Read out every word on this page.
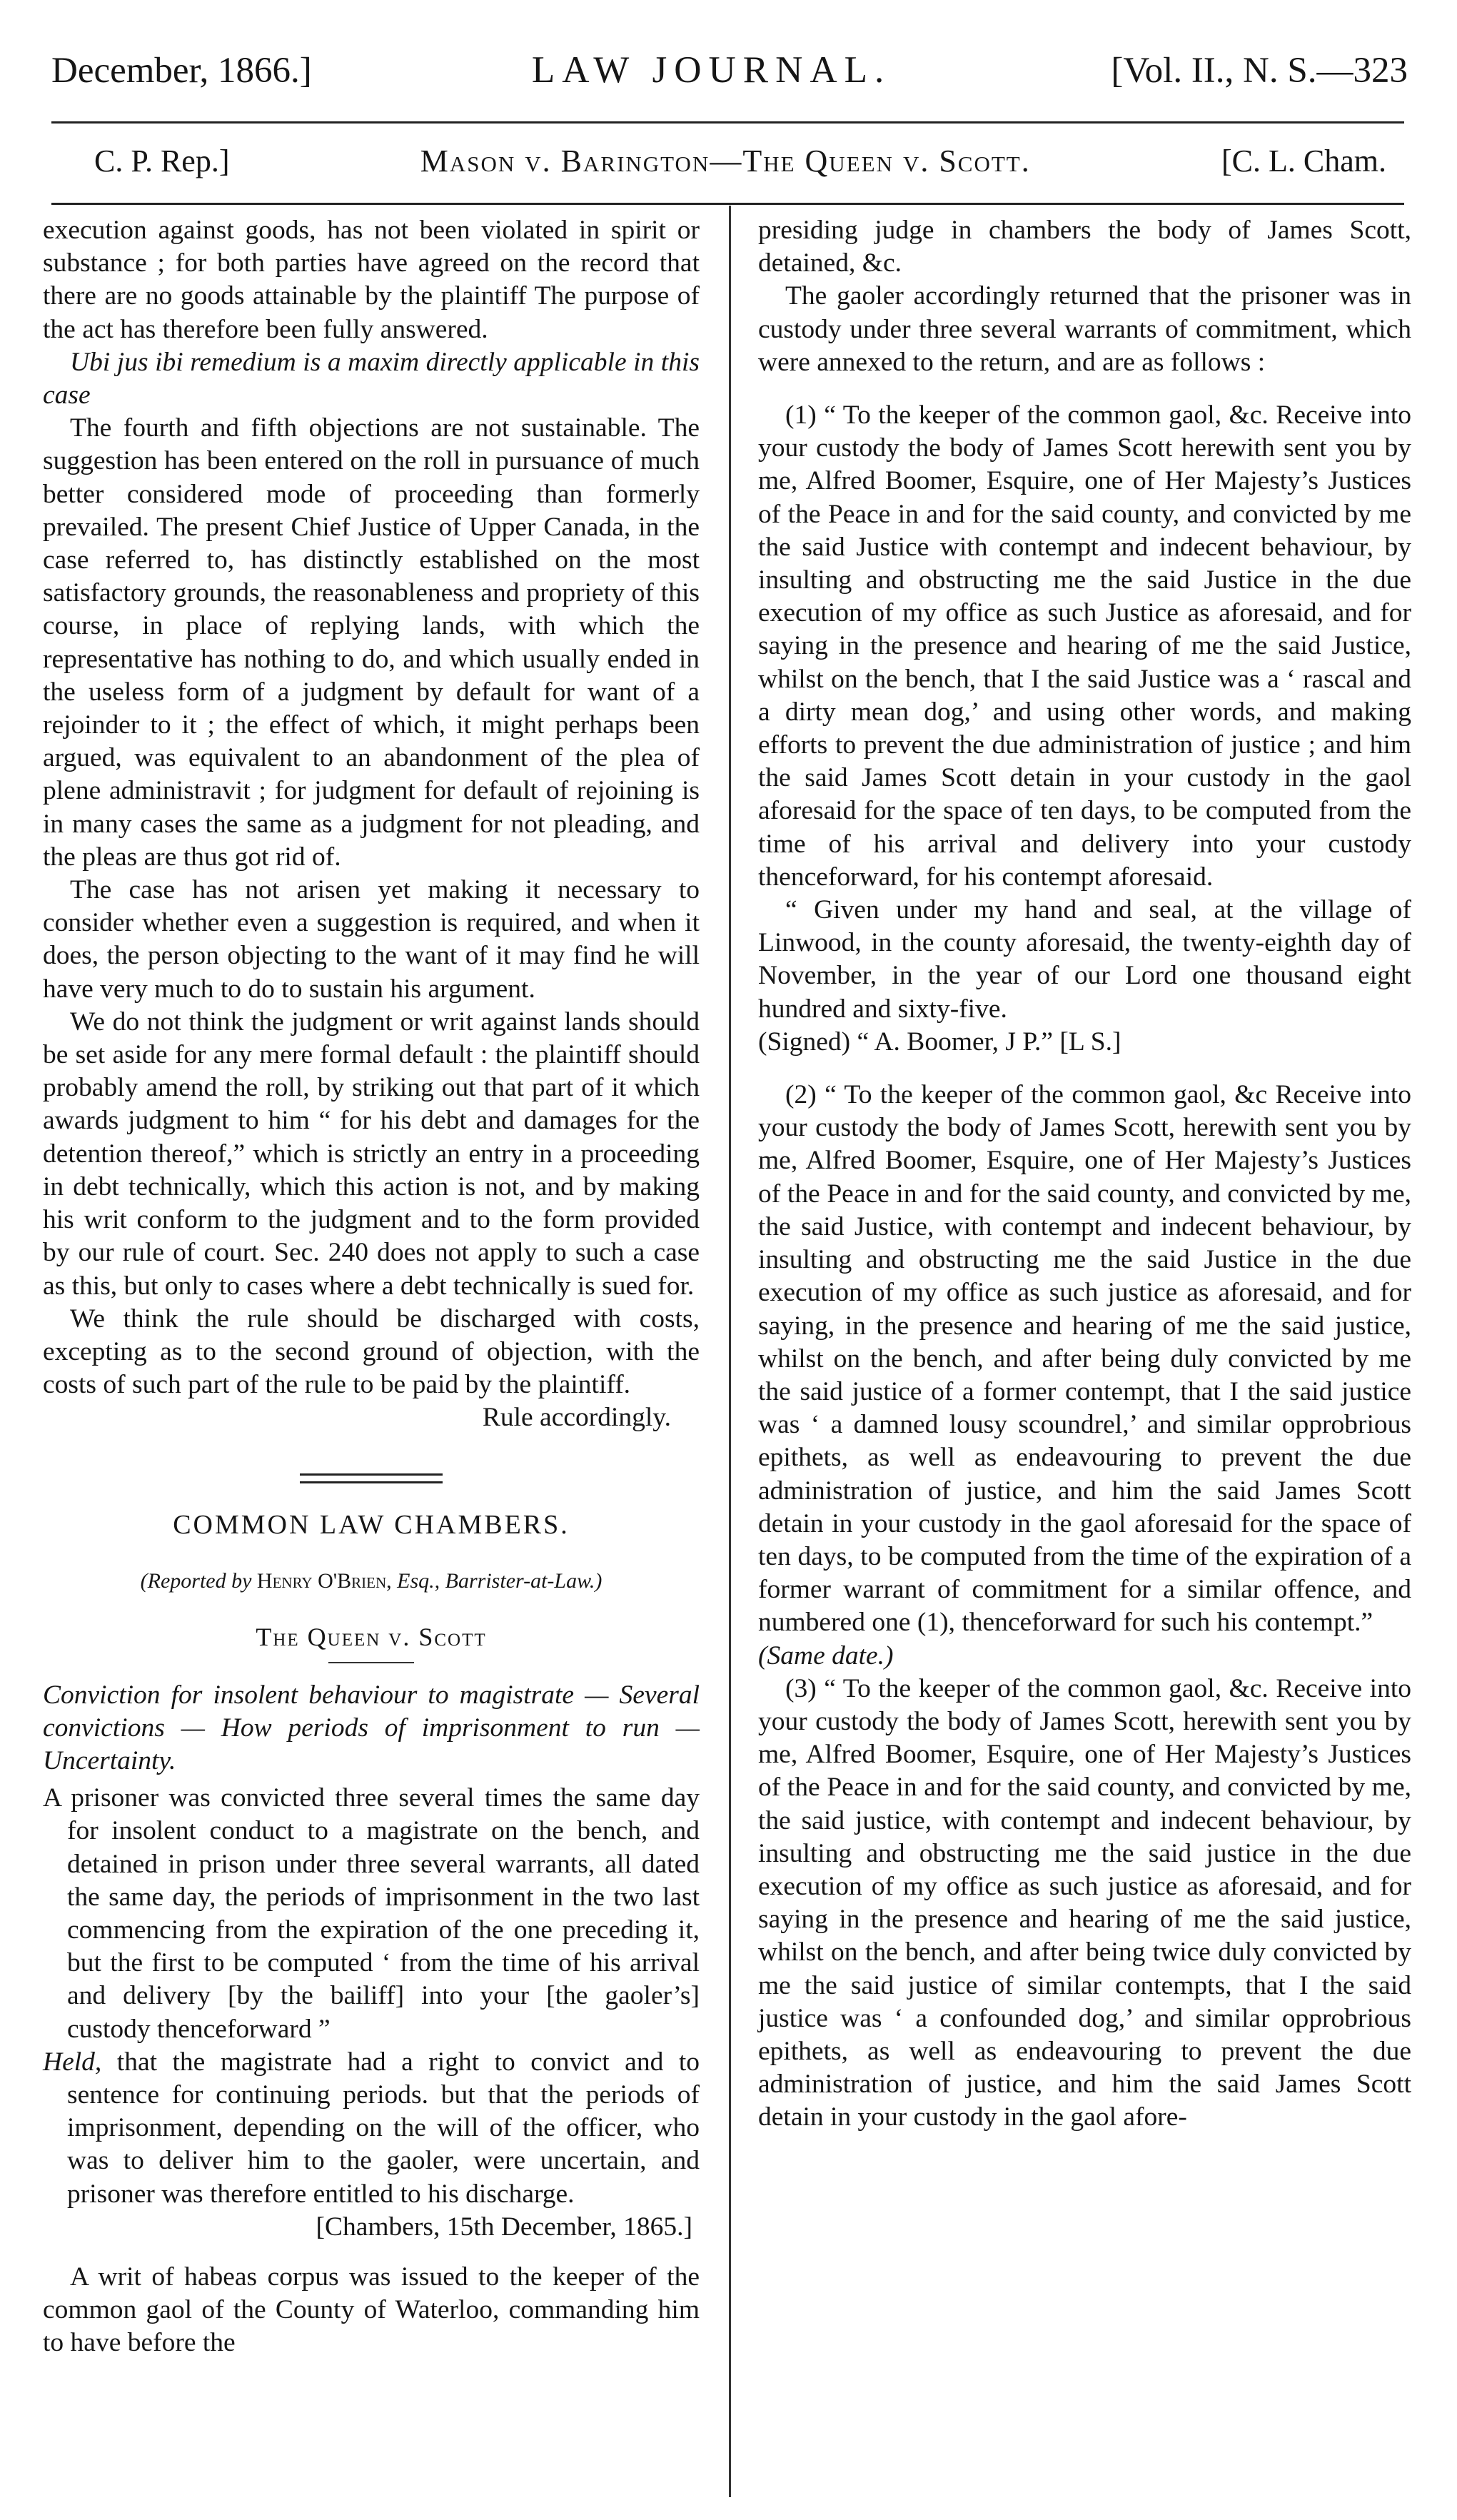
December, 1866.]	LAW JOURNAL.	[Vol. II., N. S.—323
C. P. Rep.]	Mason v. Barington—The Queen v. Scott.	[C. L. Cham.

execution against goods, has not been violated in spirit or substance ; for both parties have agreed on the record that there are no goods attainable by the plaintiff The purpose of the act has therefore been fully answered.

Ubi jus ibi remedium is a maxim directly applicable in this case

The fourth and fifth objections are not sustainable. The suggestion has been entered on the roll in pursuance of much better considered mode of proceeding than formerly prevailed. The present Chief Justice of Upper Canada, in the case referred to, has distinctly established on the most satisfactory grounds, the reasonableness and propriety of this course, in place of replying lands, with which the representative has nothing to do, and which usually ended in the useless form of a judgment by default for want of a rejoinder to it ; the effect of which, it might perhaps been argued, was equivalent to an abandonment of the plea of plene administravit ; for judgment for default of rejoining is in many cases the same as a judgment for not pleading, and the pleas are thus got rid of.

The case has not arisen yet making it necessary to consider whether even a suggestion is required, and when it does, the person objecting to the want of it may find he will have very much to do to sustain his argument.

We do not think the judgment or writ against lands should be set aside for any mere formal default : the plaintiff should probably amend the roll, by striking out that part of it which awards judgment to him “ for his debt and damages for the detention thereof,” which is strictly an entry in a proceeding in debt technically, which this action is not, and by making his writ conform to the judgment and to the form provided by our rule of court. Sec. 240 does not apply to such a case as this, but only to cases where a debt technically is sued for.

We think the rule should be discharged with costs, excepting as to the second ground of objection, with the costs of such part of the rule to be paid by the plaintiff.

Rule accordingly.

COMMON LAW CHAMBERS.
(Reported by Henry O'Brien, Esq., Barrister-at-Law.)
The Queen v. Scott

Conviction for insolent behaviour to magistrate — Several convictions — How periods of imprisonment to run — Uncertainty.

A prisoner was convicted three several times the same day for insolent conduct to a magistrate on the bench, and detained in prison under three several warrants, all dated the same day, the periods of imprisonment in the two last commencing from the expiration of the one preceding it, but the first to be computed ‘ from the time of his arrival and delivery [by the bailiff] into your [the gaoler’s] custody thenceforward ”

Held, that the magistrate had a right to convict and to sentence for continuing periods. but that the periods of imprisonment, depending on the will of the officer, who was to deliver him to the gaoler, were uncertain, and prisoner was therefore entitled to his discharge.

[Chambers, 15th December, 1865.]

A writ of habeas corpus was issued to the keeper of the common gaol of the County of Waterloo, commanding him to have before the

presiding judge in chambers the body of James Scott, detained, &c.

The gaoler accordingly returned that the prisoner was in custody under three several warrants of commitment, which were annexed to the return, and are as follows :

(1) “ To the keeper of the common gaol, &c. Receive into your custody the body of James Scott herewith sent you by me, Alfred Boomer, Esquire, one of Her Majesty’s Justices of the Peace in and for the said county, and convicted by me the said Justice with contempt and indecent behaviour, by insulting and obstructing me the said Justice in the due execution of my office as such Justice as aforesaid, and for saying in the presence and hearing of me the said Justice, whilst on the bench, that I the said Justice was a ‘ rascal and a dirty mean dog,’ and using other words, and making efforts to prevent the due administration of justice ; and him the said James Scott detain in your custody in the gaol aforesaid for the space of ten days, to be computed from the time of his arrival and delivery into your custody thenceforward, for his contempt aforesaid.

“ Given under my hand and seal, at the village of Linwood, in the county aforesaid, the twenty-eighth day of November, in the year of our Lord one thousand eight hundred and sixty-five.

(Signed) “ A. Boomer, J P.” [L S.]

(2) “ To the keeper of the common gaol, &c Receive into your custody the body of James Scott, herewith sent you by me, Alfred Boomer, Esquire, one of Her Majesty’s Justices of the Peace in and for the said county, and convicted by me, the said Justice, with contempt and indecent behaviour, by insulting and obstructing me the said Justice in the due execution of my office as such justice as aforesaid, and for saying, in the presence and hearing of me the said justice, whilst on the bench, and after being duly convicted by me the said justice of a former contempt, that I the said justice was ‘ a damned lousy scoundrel,’ and similar opprobrious epithets, as well as endeavouring to prevent the due administration of justice, and him the said James Scott detain in your custody in the gaol aforesaid for the space of ten days, to be computed from the time of the expiration of a former warrant of commitment for a similar offence, and numbered one (1), thenceforward for such his contempt.”

(Same date.)

(3) “ To the keeper of the common gaol, &c. Receive into your custody the body of James Scott, herewith sent you by me, Alfred Boomer, Esquire, one of Her Majesty’s Justices of the Peace in and for the said county, and convicted by me, the said justice, with contempt and indecent behaviour, by insulting and obstructing me the said justice in the due execution of my office as such justice as aforesaid, and for saying in the presence and hearing of me the said justice, whilst on the bench, and after being twice duly convicted by me the said justice of similar contempts, that I the said justice was ‘ a confounded dog,’ and similar opprobrious epithets, as well as endeavouring to prevent the due administration of justice, and him the said James Scott detain in your custody in the gaol afore-
